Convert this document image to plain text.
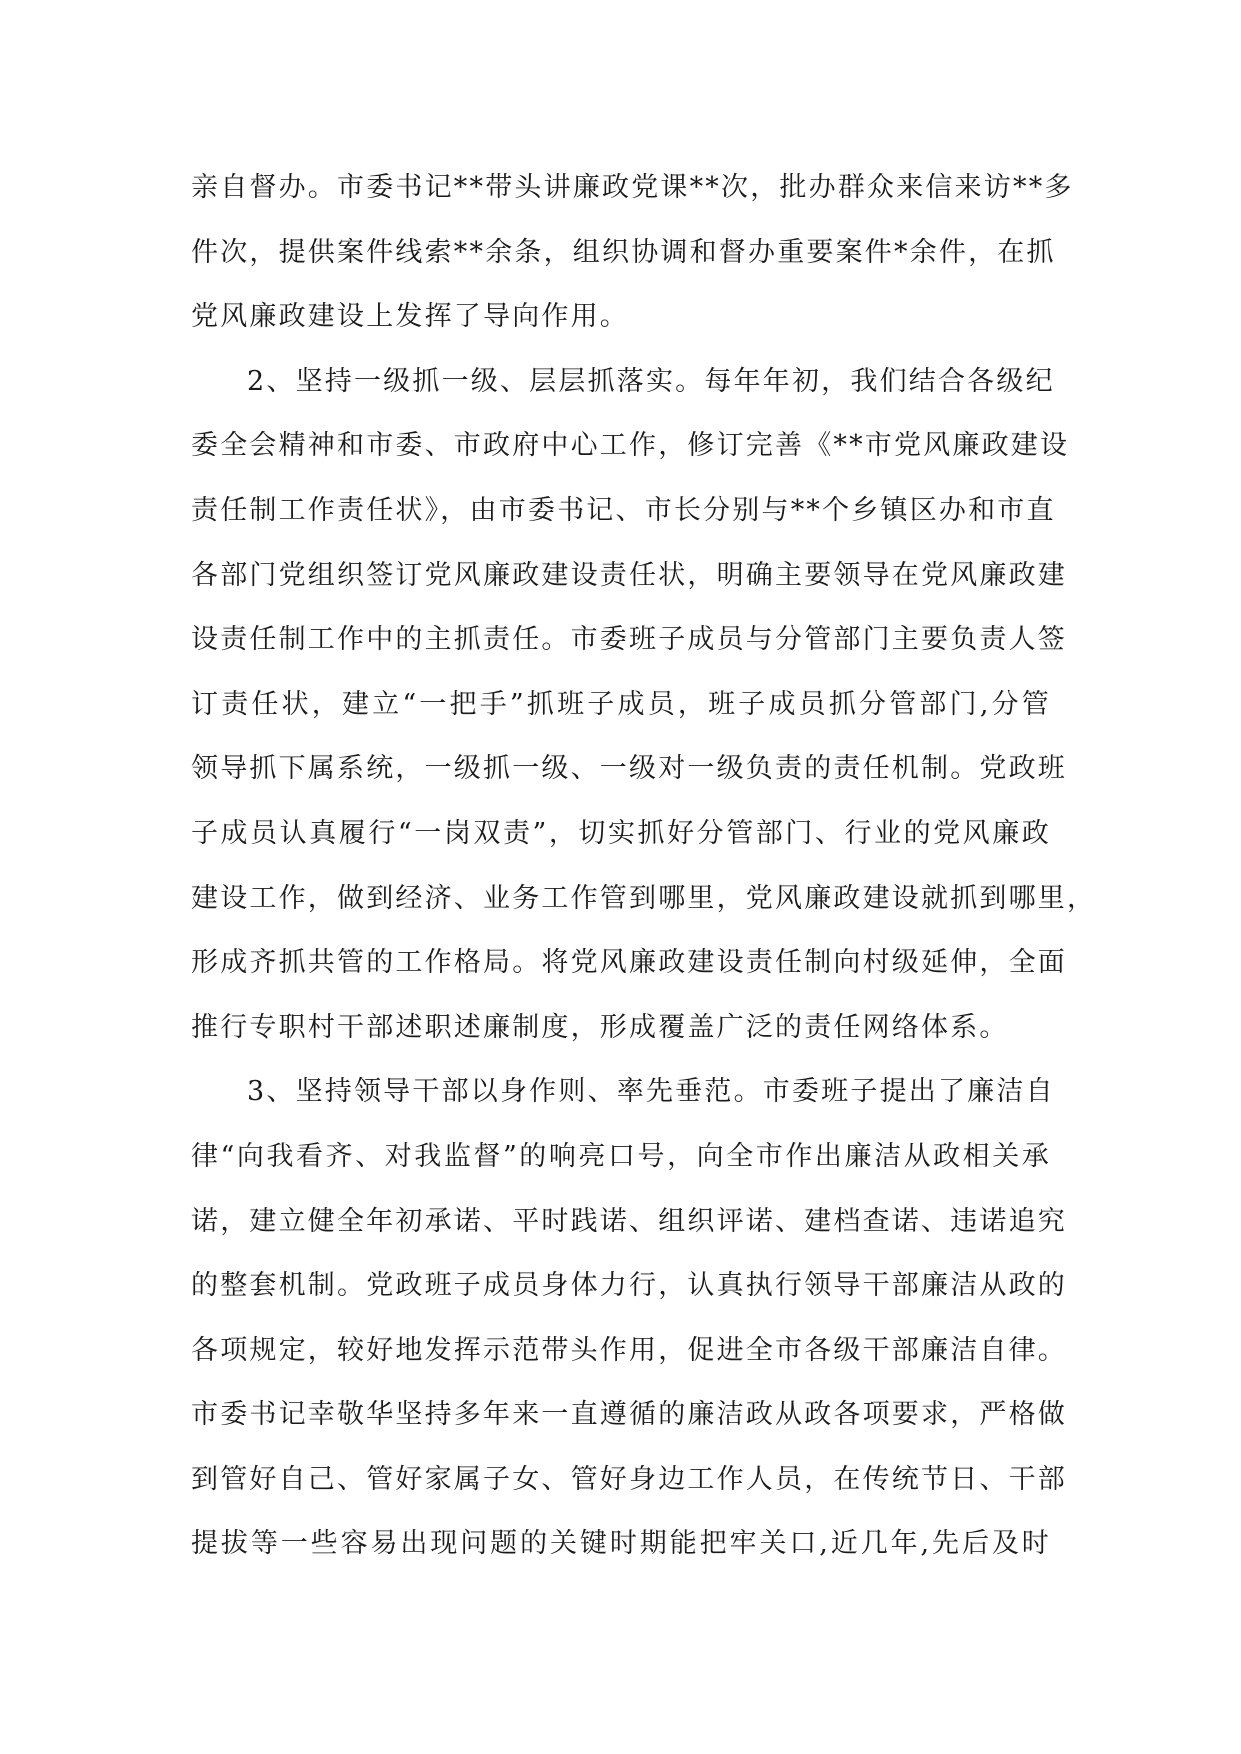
亲自督办。市委书记**带头讲廉政党课**次，批办群众来信来访**多
件次，提供案件线索**余条，组织协调和督办重要案件*余件，在抓
党风廉政建设上发挥了导向作用。
2、坚持一级抓一级、层层抓落实。每年年初，我们结合各级纪
委全会精神和市委、市政府中心工作，修订完善《**市党风廉政建设
责任制工作责任状》，由市委书记、市长分别与**个乡镇区办和市直
各部门党组织签订党风廉政建设责任状，明确主要领导在党风廉政建
设责任制工作中的主抓责任。市委班子成员与分管部门主要负责人签
订责任状，建立“一把手”抓班子成员，班子成员抓分管部门,分管
领导抓下属系统，一级抓一级、一级对一级负责的责任机制。党政班
子成员认真履行“一岗双责”，切实抓好分管部门、行业的党风廉政
建设工作，做到经济、业务工作管到哪里，党风廉政建设就抓到哪里，
形成齐抓共管的工作格局。将党风廉政建设责任制向村级延伸，全面
推行专职村干部述职述廉制度，形成覆盖广泛的责任网络体系。
3、坚持领导干部以身作则、率先垂范。市委班子提出了廉洁自
律“向我看齐、对我监督”的响亮口号，向全市作出廉洁从政相关承
诺，建立健全年初承诺、平时践诺、组织评诺、建档查诺、违诺追究
的整套机制。党政班子成员身体力行，认真执行领导干部廉洁从政的
各项规定，较好地发挥示范带头作用，促进全市各级干部廉洁自律。
市委书记幸敬华坚持多年来一直遵循的廉洁政从政各项要求，严格做
到管好自己、管好家属子女、管好身边工作人员，在传统节日、干部
提拔等一些容易出现问题的关键时期能把牢关口,近几年,先后及时
